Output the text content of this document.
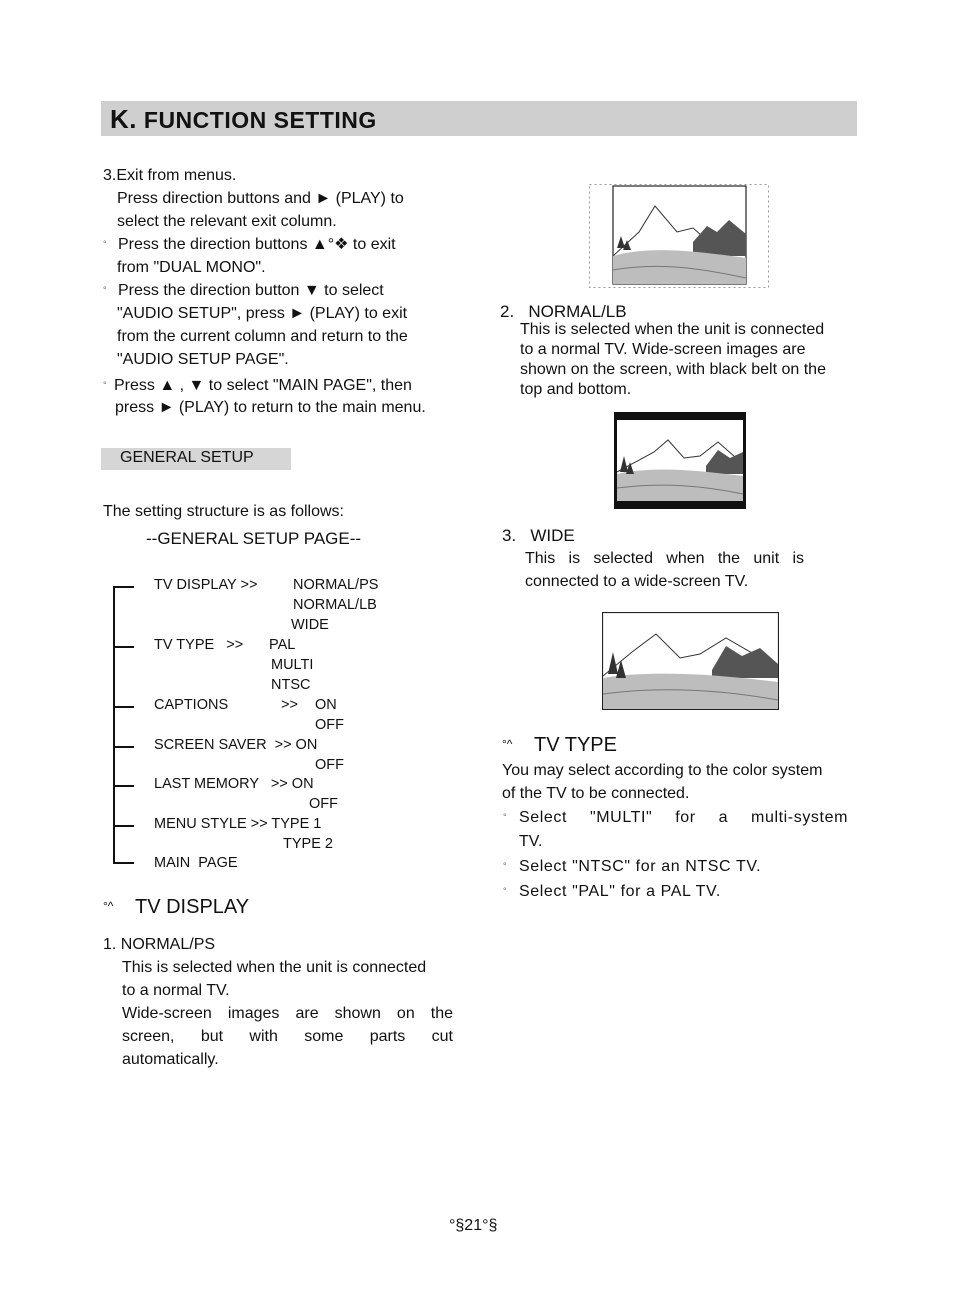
K. FUNCTION SETTING
3.Exit from menus.
Press direction buttons and ► (PLAY) to
select the relevant exit column.
° Press the direction buttons ▲°❖ to exit
from "DUAL MONO".
° Press the direction button ▼ to select
"AUDIO SETUP", press ► (PLAY) to exit
from the current column and return to the
"AUDIO SETUP PAGE".
° Press ▲ , ▼ to select "MAIN PAGE", then
press ► (PLAY) to return to the main menu.
GENERAL SETUP
The setting structure is as follows:
--GENERAL SETUP PAGE--
TV DISPLAY >> NORMAL/PS
NORMAL/LB
WIDE
TV TYPE   >> PAL
MULTI
NTSC
CAPTIONS	>> ON
OFF
SCREEN SAVER  >> ON
OFF
LAST MEMORY   >> ON
OFF
MENU STYLE >> TYPE 1
TYPE 2
MAIN  PAGE
°^ TV DISPLAY
1. NORMAL/PS
This is selected when the unit is connected
to a normal TV.
Wide-screen images are shown on the
screen, but with some parts cut
automatically.
2.   NORMAL/LB
This is selected when the unit is connected
to a normal TV. Wide-screen images are
shown on the screen, with black belt on the
top and bottom.
3.   WIDE
This is selected when the unit is
connected to a wide-screen TV.
°^ TV TYPE
You may select according to the color system
of the TV to be connected.
° Select "MULTI" for a multi-system
TV.
° Select "NTSC" for an NTSC TV.
° Select "PAL" for a PAL TV.
°§21°§
